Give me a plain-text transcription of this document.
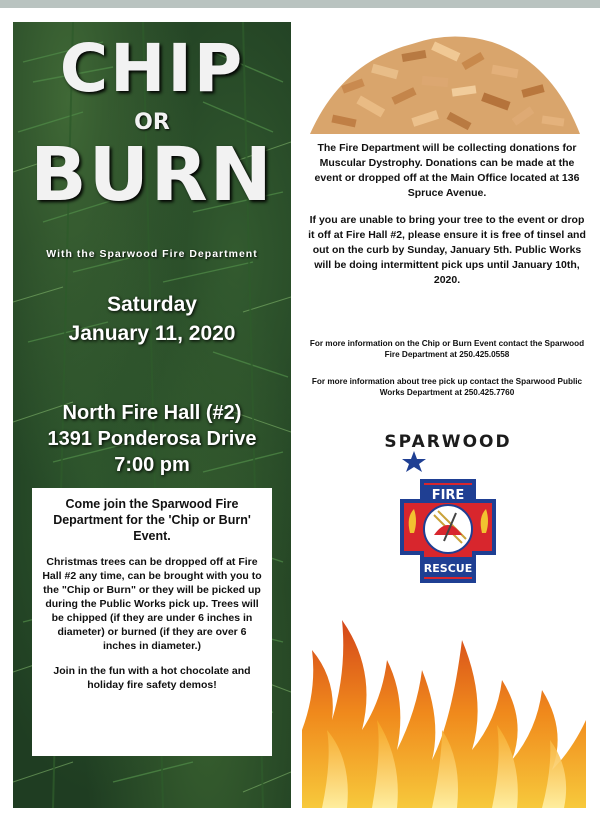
CHIP
OR
BURN
With the Sparwood Fire Department
Saturday
January 11, 2020
North Fire Hall (#2)
1391 Ponderosa Drive
7:00 pm

Come join the Sparwood Fire Department for the 'Chip or Burn' Event.

Christmas trees can be dropped off at Fire Hall #2 any time, can be brought with you to the "Chip or Burn" or they will be picked up during the Public Works pick up. Trees will be chipped (if they are under 6 inches in diameter) or burned (if they are over 6 inches in diameter.)

Join in the fun with a hot chocolate and holiday fire safety demos!

The Fire Department will be collecting donations for Muscular Dystrophy. Donations can be made at the event or dropped off at the Main Office located at 136 Spruce Avenue.

If you are unable to bring your tree to the event or drop it off at Fire Hall #2, please ensure it is free of tinsel and out on the curb by Sunday, January 5th. Public Works will be doing intermittent pick ups until January 10th, 2020.

For more information on the Chip or Burn Event contact the Sparwood Fire Department at 250.425.0558

For more information about tree pick up contact the Sparwood Public Works Department at 250.425.7760

FIRE
RESCUE
SPARWOOD
